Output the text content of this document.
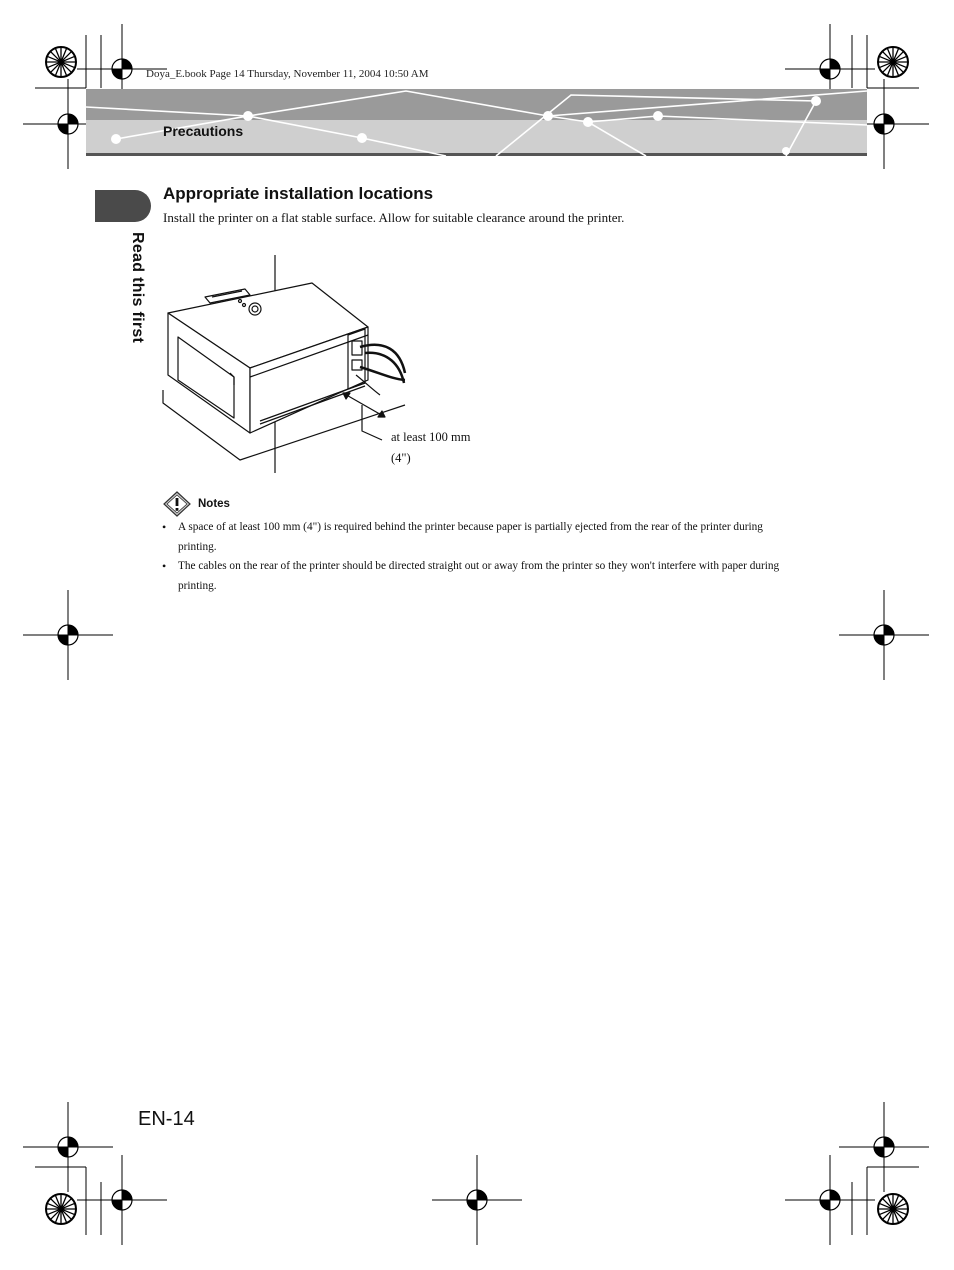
Doya_E.book Page 14 Thursday, November 11, 2004 10:50 AM
Precautions
Read this first
Appropriate installation locations
Install the printer on a flat stable surface. Allow for suitable clearance around the printer.
at least 100 mm
(4")
Notes
• A space of at least 100 mm (4") is required behind the printer because paper is partially ejected from the rear of the printer during printing.
• The cables on the rear of the printer should be directed straight out or away from the printer so they won't interfere with paper during printing.
EN-14
